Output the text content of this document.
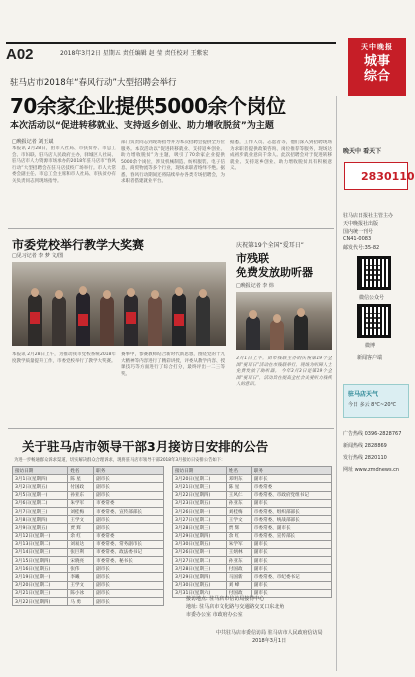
A02	2018年3月2日 星期五 责任编辑 赵 莹 责任校对 王紫宏
天中晚报
城事
综合
驻马店市2018年“春风行动”大型招聘会举行
70余家企业提供5000余个岗位
本次活动以“促进转移就业、支持返乡创业、助力增收脱贫”为主题
□晚报记者 刘玉斌
本报讯 2月28日，由市人社局、市扶贫办、市总工会、市妇联、驻马店人民政府主办，驿城区人社局、驻马店市人力资源市场承办的2018年驻马店市“春风行动”大型招聘会在驻马店技校广场举行。市人大常委会副主任、市总工会主席和市人社局、市扶贫办有关负责同志到现场指导。
部门负责同志到现场指导并为本次招聘会提供全方位服务。本次活动以“促进转移就业、支持返乡创业、助力增收脱贫”为主题，吸引了70余家企业提供5000余个岗位，涉及机械制造、纺织服装、电子信息、商贸物流等多个行业，现场求职者络绎不绝。据悉，春风行动期间还将陆续举办各类专场招聘会，为求职者搭建就业平台。
据悉，工作人员、志愿者等，他们深入到招聘现场为求职者提供政策咨询、岗位推荐等服务，现场达成初步就业意向千余人。此次招聘会对于促进转移就业、支持返乡创业、助力增收脱贫具有积极意义。
市委党校举行教学大奖赛
□见习记者 李 梦 文/图
本报讯 2月28日上午，为推动我市党校系统2018年度教学质量提升工作，市委党校举行了教学大奖赛。
赛事中，参赛教师结合新时代新思想，围绕党的十九大精神等内容进行了精彩讲授，评委从教学内容、授课技巧等方面进行了综合打分，最终评出一二三等奖。
庆祝第19个全国“爱耳日”
市残联
免费发放助听器
□晚报记者 李 炜
3月1日上午，由市残联主办的庆祝第19个全国“爱耳日”活动在市残联举行，现场为听障人士免费发放了助听器。 今年3月3日是第19个全国“爱耳日”，活动旨在提高全社会关爱听力残疾人的意识。
关于驻马店市领导干部3月接访日安排的公告
为进一步畅通群众诉求渠道，切实解决群众合理诉求，现将驻马店市领导干部2018年3月接访日安排公告如下：
接访日期	姓名	职务
3月1日(星期四)	陈 星	副市长
3月2日(星期五)	付国政	副市长
3月5日(星期一)	孙亚东	副市长
3月6日(星期二)	朱学军	市委常委
3月7日(星期三)	刘桂梅	市委常委、宣传部部长
3月8日(星期四)	王学文	副市长
3月9日(星期五)	贾 辉	副市长
3月12日(星期一)	余 红	市委常委
3月13日(星期二)	刘易达	市委常委、常务副市长
3月14日(星期三)	张巨利	市委常委、政法委书记
3月15日(星期四)	宋晓亮	市委常委、秘书长
3月16日(星期五)	张伟	副市长
3月19日(星期一)	李曦	副市长
3月20日(星期二)	王学文	副市长
3月21日(星期三)	陈小冰	副市长
3月22日(星期四)	马 勇	副市长
接访日期	姓名	职务
3月20日(星期二)	邓明东	副市长
3月21日(星期三)	陈 星	市委常委
3月22日(星期四)	王风仁	市委常委、市政府党组书记
3月23日(星期五)	孙亚东	副市长
3月26日(星期一)	刘桂梅	市委常委、组织部部长
3月27日(星期二)	王学文	市委常委、统战部部长
3月28日(星期三)	贾 辉	市委常委、副市长
3月29日(星期四)	余 红	市委常委、宣传部长
3月30日(星期五)	朱学军	副市长
3月26日(星期一)	王炳林	副市长
3月27日(星期二)	孙亚东	副市长
3月28日(星期三)	付国政	副市长
3月29日(星期四)	马国新	市委常委、市纪委书记
3月30日(星期五)	刘 峰	副市长
3月31日(星期六)	付国政	副市长
接访地点: 驻马店市信访局接待中心
地址: 驻马店市文化路与交通路交叉口东北角
市委办公室 市政府办公室
中共驻马店市委信访局 驻马店市人民政府信访局
2018年3月1日
晚天中 看天下
2830110
驻马店日报社主管主办
天中晚报社出版
国内统一刊号
CN41-0083
邮发代号:35-82
微信公众号
微博
新闻客户端
驻马店天气
今日 多云 8℃~20℃
广告热线 0396-2828767
新闻热线 2828869
发行热线 2820110
网址 www.zmdnews.cn
